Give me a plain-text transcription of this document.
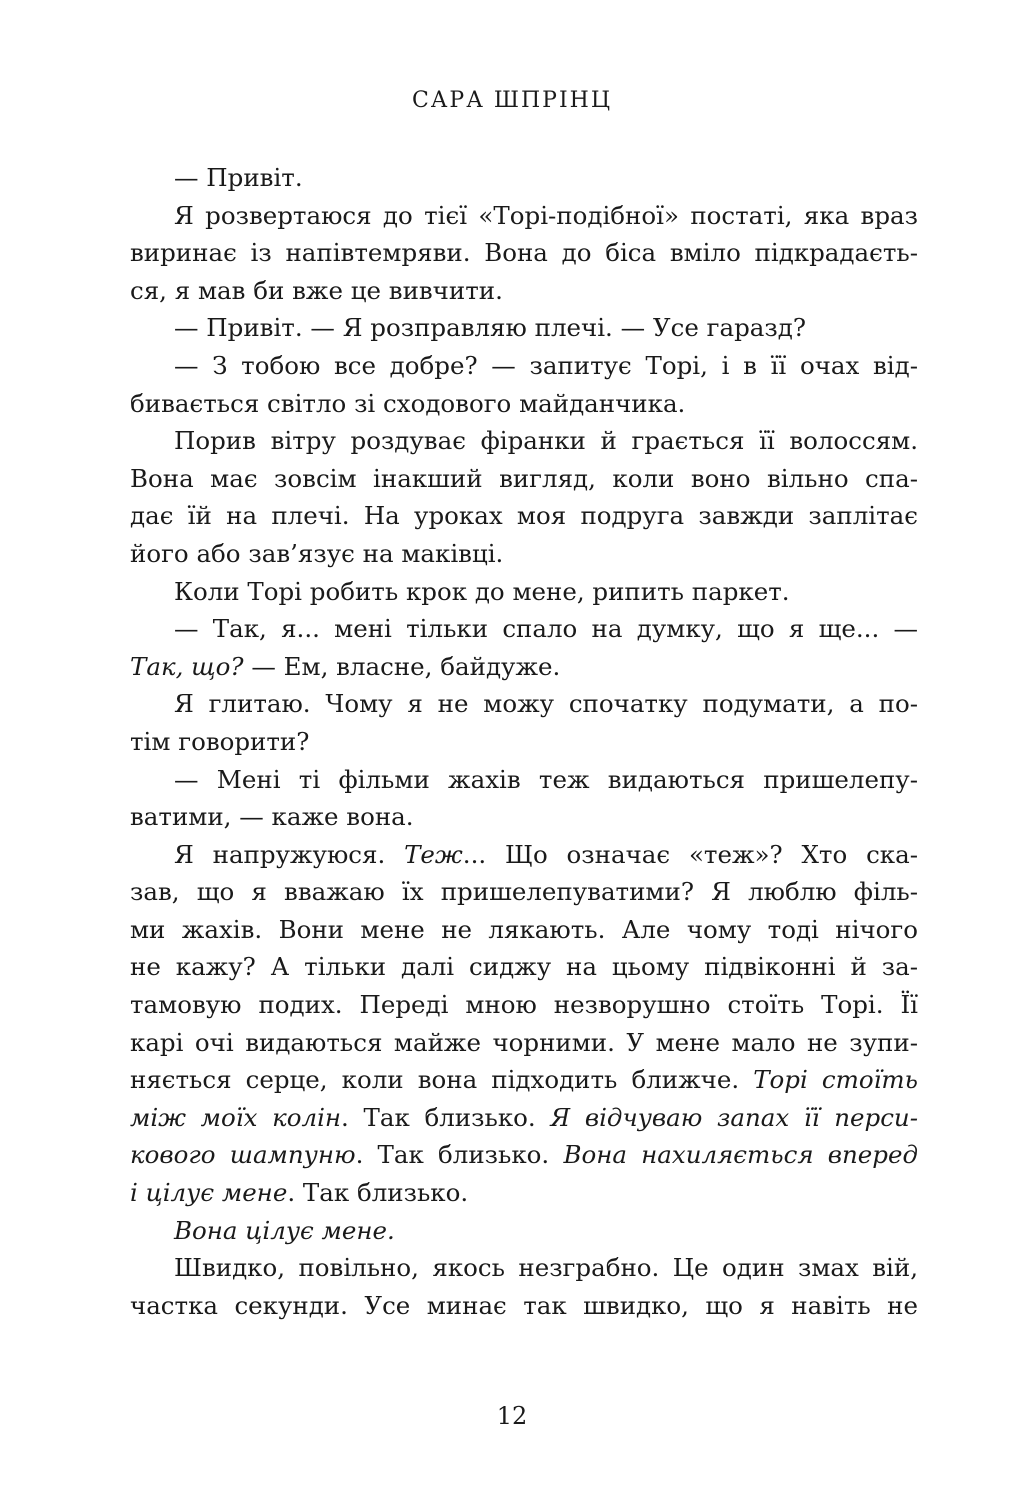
САРА ШПРІНЦ
— Привіт.
Я розвертаюся до тієї «Торі-подібної» постаті, яка враз
виринає із напівтемряви. Вона до біса вміло підкрадаєть-
ся, я мав би вже це вивчити.
— Привіт. — Я розправляю плечі. — Усе гаразд?
— З тобою все добре? — запитує Торі, і в її очах від-
бивається світло зі сходового майданчика.
Порив вітру роздуває фіранки й грається її волоссям.
Вона має зовсім інакший вигляд, коли воно вільно спа-
дає їй на плечі. На уроках моя подруга завжди заплітає
його або зав’язує на маківці.
Коли Торі робить крок до мене, рипить паркет.
— Так, я... мені тільки спало на думку, що я ще... —
Так, що? — Ем, власне, байдуже.
Я глитаю. Чому я не можу спочатку подумати, а по-
тім говорити?
— Мені ті фільми жахів теж видаються пришелепу-
ватими, — каже вона.
Я напружуюся. Теж... Що означає «теж»? Хто ска-
зав, що я вважаю їх пришелепуватими? Я люблю філь-
ми жахів. Вони мене не лякають. Але чому тоді нічого
не кажу? А тільки далі сиджу на цьому підвіконні й за-
тамовую подих. Переді мною незворушно стоїть Торі. Її
карі очі видаються майже чорними. У мене мало не зупи-
няється серце, коли вона підходить ближче. Торі стоїть
між моїх колін. Так близько. Я відчуваю запах її перси-
кового шампуню. Так близько. Вона нахиляється вперед
і цілує мене. Так близько.
Вона цілує мене.
Швидко, повільно, якось незграбно. Це один змах вій,
частка секунди. Усе минає так швидко, що я навіть не
12
